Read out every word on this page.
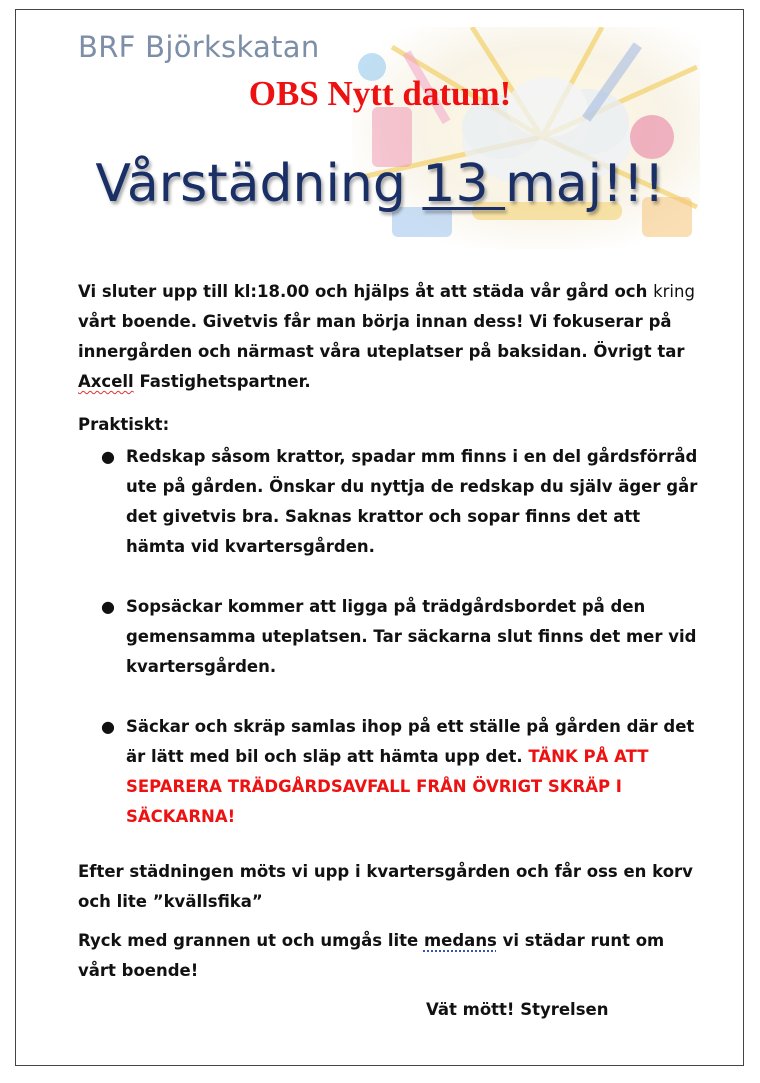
BRF Björkskatan
OBS Nytt datum!
Vårstädning 13 maj!!!

Vi sluter upp till kl:18.00 och hjälps åt att städa vår gård och kring vårt boende. Givetvis får man börja innan dess! Vi fokuserar på innergården och närmast våra uteplatser på baksidan. Övrigt tar Axcell Fastighetspartner.

Praktiskt:

● Redskap såsom krattor, spadar mm finns i en del gårdsförråd ute på gården. Önskar du nyttja de redskap du själv äger går det givetvis bra. Saknas krattor och sopar finns det att hämta vid kvartersgården.
● Sopsäckar kommer att ligga på trädgårdsbordet på den gemensamma uteplatsen. Tar säckarna slut finns det mer vid kvartersgården.
● Säckar och skräp samlas ihop på ett ställe på gården där det är lätt med bil och släp att hämta upp det. TÄNK PÅ ATT SEPARERA TRÄDGÅRDSAVFALL FRÅN ÖVRIGT SKRÄP I SÄCKARNA!

Efter städningen möts vi upp i kvartersgården och får oss en korv och lite ”kvällsfika”

Ryck med grannen ut och umgås lite medans vi städar runt om vårt boende!

Vät mött! Styrelsen
